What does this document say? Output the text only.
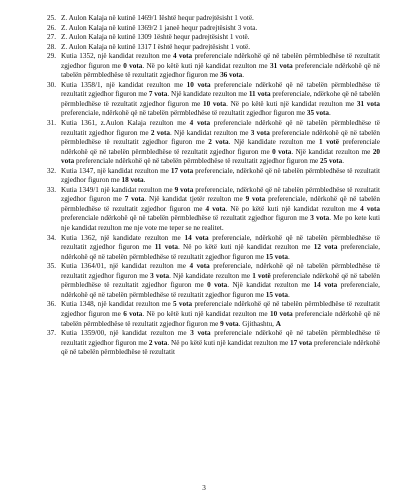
25. Z. Aulon Kalaja në kutinë 1469/1 Iështë hequr padrejtësisht 1 votë.
26. Z. Aulon Kalaja në kutinë 1369/2 1 janeë hequr padrejtësisht 3 vota.
27. Z. Aulon Kalaja në kutinë 1309 1është hequr padrejtësisht 1 votë.
28. Z. Aulon Kalaja në kutinë 1317 I është hequr padrejtësisht 1 votë.
29. Kutia 1352, një kandidat rezulton me 4 vota preferenciale ndërkohë që në tabelën përmbledhëse të rezultatit zgjedhor figuron me 0 vota. Në po këtë kuti një kandidat rezulton me 31 vota preferenciale ndërkohë që në tabelën përmbledhëse të rezultatit zgjedhor figuron me 36 vota.
30. Kutia 1358/1, një kandidat rezulton me 10 vota preferenciale ndërkohë që në tabelën përmbledhëse të rezultatit zgjedhor figuron me 7 vota. Një kandidate rezulton me 11 vota preferenciale, ndërkohe që në tabelën përmbledhëse të rezultatit zgjedhor figuron me 10 vota. Në po këtë kuti një kandidat rezulton me 31 vota preferenciale, ndërkohë që në tabelën përmbledhëse të rezultatit zgjedhor figuron me 35 vota.
31. Kutia 1361, z.Aulon Kalaja rezulton me 4 vota preferenciale ndërkohë që në tabelën përmbledhëse të rezultatit zgjedhor figuron me 2 vota. Një kandidat rezulton me 3 vota preferenciale ndërkohë që në tabelën përmbledhëse të rezultatit zgjedhor figuron me 2 vota. Një kandidate rezulton me 1 votë preferenciale ndërkohë që në tabelën përmbledhëse të rezultatit zgjedhor figuron me 0 vota. Një kandidat rezulton me 20 vota preferenciale ndërkohë që në tabelën përmbledhëse të rezultatit zgjedhor figuron me 25 vota.
32. Kutia 1347, një kandidat rezulton me 17 vota preferenciale, ndërkohë që në tabelën përmbledhëse të rezultatit zgjedhor figuron me 18 vota.
33. Kutia 1349/1 një kandidat rezulton me 9 vota preferenciale, ndërkohë që në tabelën përmbledhëse të rezultatit zgjedhor figuron me 7 vota. Një kandidat tjetër rezulton me 9 vota preferenciale, ndërkohë që në tabelën përmbledhëse të rezultatit zgjedhor figuron me 4 vota. Në po këtë kuti një kandidat rezulton me 4 vota preferenciale ndërkohë që në tabelën përmbledhëse të rezultatit zgjedhor figuron me 3 vota. Me po kete kuti nje kandidat rezulton me nje vote me teper se ne realitet.
34. Kutia 1362, një kandidate rezulton me 14 vota preferenciale, ndërkohë që në tabelën përmbledhëse të rezultatit zgjedhor figuron me 11 vota. Në po këtë kuti një kandidat rezulton me 12 vota preferenciale, ndërkohë që në tabelën përmbledhëse të rezultatit zgjedhor figuron me 15 vota.
35. Kutia 1364/01, një kandidat rezulton me 4 vota preferenciale, ndërkohë që në tabelën përmbledhëse të rezultatit zgjedhor figuron me 3 vota. Një kandidate rezulton me 1 votë preferenciale ndërkohë që në tabelën përmbledhëse të rezultatit zgjedhor figuron me 0 vota. Një kandidat rezulton me 14 vota preferenciale, ndërkohë që në tabelën përmbledhëse të rezultatit zgjedhor figuron me 15 vota.
36. Kutia 1348, një kandidat rezulton me 5 vota preferenciale ndërkohë që në tabelën përmbledhëse të rezultatit zgjedhor figuron me 6 vota. Në po këtë kuti një kandidat rezulton me 10 vota preferenciale ndërkohë që në tabelën përmbledhëse të rezultatit zgjedhor figuron me 9 vota. Gjithashtu, A
37. Kutia 1359/00, një kandidat rezulton me 3 vota preferenciale ndërkohë që në tabelën përmbledhëse të rezultatit zgjedhor figuron me 2 vota. Në po këtë kuti një kandidat rezulton me 17 vota preferenciale ndërkohë që në tabelën përmbledhëse të rezultatit
3
